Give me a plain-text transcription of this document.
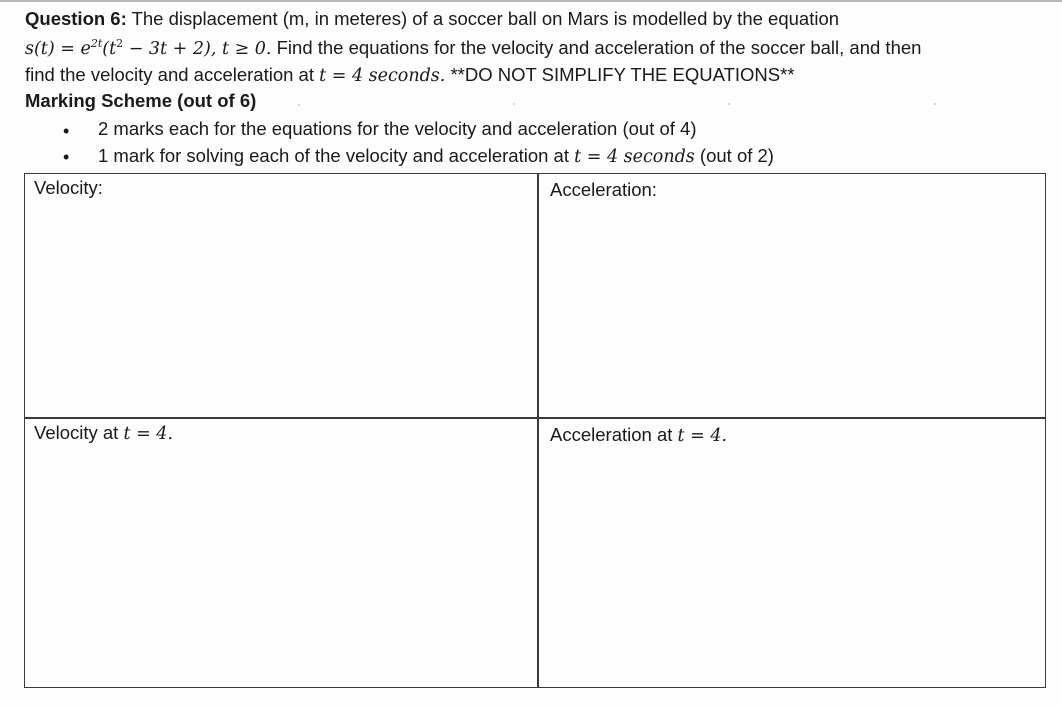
Question 6: The displacement (m, in meteres) of a soccer ball on Mars is modelled by the equation
$s(t) = e^{2t}(t^2 - 3t + 2)$, t ≥ 0. Find the equations for the velocity and acceleration of the soccer ball, and then
find the velocity and acceleration at t = 4 seconds. **DO NOT SIMPLIFY THE EQUATIONS**
Marking Scheme (out of 6)
• 2 marks each for the equations for the velocity and acceleration (out of 4)
• 1 mark for solving each of the velocity and acceleration at t = 4 seconds (out of 2)
Velocity:	Acceleration:
Velocity at t = 4.	Acceleration at t = 4.
